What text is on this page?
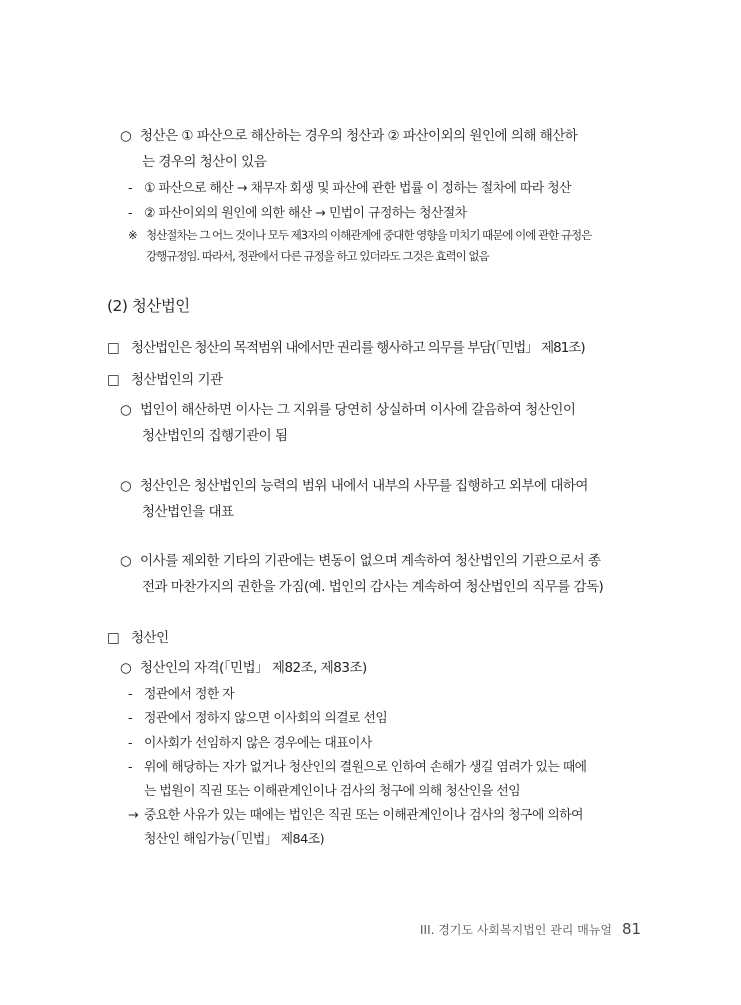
○ 청산은 ① 파산으로 해산하는 경우의 청산과 ② 파산이외의 원인에 의해 해산하
는 경우의 청산이 있음
- ① 파산으로 해산 → 채무자 회생 및 파산에 관한 법률 이 정하는 절차에 따라 청산
- ② 파산이외의 원인에 의한 해산 → 민법이 규정하는 청산절차
※ 청산절차는 그 어느 것이나 모두 제3자의 이해관계에 중대한 영향을 미치기 때문에 이에 관한 규정은
강행규정임. 따라서, 정관에서 다른 규정을 하고 있더라도 그것은 효력이 없음
(2) 청산법인
□ 청산법인은 청산의 목적범위 내에서만 권리를 행사하고 의무를 부담(「민법」 제81조)
□ 청산법인의 기관
○ 법인이 해산하면 이사는 그 지위를 당연히 상실하며 이사에 갈음하여 청산인이
청산법인의 집행기관이 됨
○ 청산인은 청산법인의 능력의 범위 내에서 내부의 사무를 집행하고 외부에 대하여
청산법인을 대표
○ 이사를 제외한 기타의 기관에는 변동이 없으며 계속하여 청산법인의 기관으로서 종
전과 마찬가지의 권한을 가짐(예. 법인의 감사는 계속하여 청산법인의 직무를 감독)
□ 청산인
○ 청산인의 자격(「민법」 제82조, 제83조)
- 정관에서 정한 자
- 정관에서 정하지 않으면 이사회의 의결로 선임
- 이사회가 선임하지 않은 경우에는 대표이사
- 위에 해당하는 자가 없거나 청산인의 결원으로 인하여 손해가 생길 염려가 있는 때에
는 법원이 직권 또는 이해관계인이나 검사의 청구에 의해 청산인을 선임
→ 중요한 사유가 있는 때에는 법인은 직권 또는 이해관계인이나 검사의 청구에 의하여
청산인 해임가능(「민법」 제84조)
III. 경기도 사회복지법인 관리 매뉴얼 81
